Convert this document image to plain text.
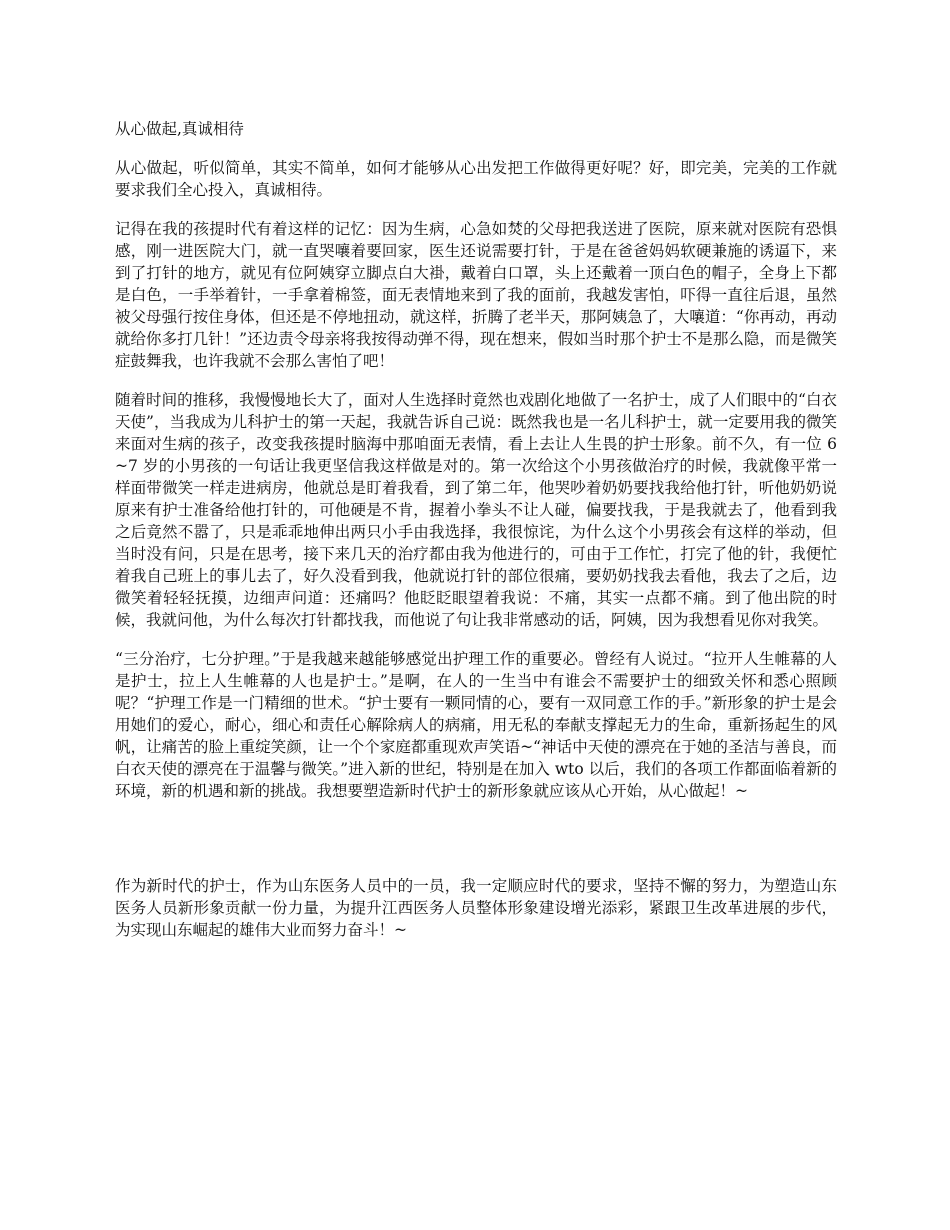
从心做起,真诚相待

从心做起，听似简单，其实不简单，如何才能够从心出发把工作做得更好呢？好，即完美，完美的工作就要求我们全心投入，真诚相待。

记得在我的孩提时代有着这样的记忆：因为生病，心急如焚的父母把我送进了医院，原来就对医院有恐惧感，刚一进医院大门，就一直哭嚷着要回家，医生还说需要打针，于是在爸爸妈妈软硬兼施的诱逼下，来到了打针的地方，就见有位阿姨穿立脚点白大褂，戴着白口罩，头上还戴着一顶白色的帽子，全身上下都是白色，一手举着针，一手拿着棉签，面无表情地来到了我的面前，我越发害怕，吓得一直往后退，虽然被父母强行按住身体，但还是不停地扭动，就这样，折腾了老半天，那阿姨急了，大嚷道：“你再动，再动就给你多打几针！”还边责令母亲将我按得动弹不得，现在想来，假如当时那个护士不是那么隐，而是微笑症鼓舞我，也许我就不会那么害怕了吧！

随着时间的推移，我慢慢地长大了，面对人生选择时竟然也戏剧化地做了一名护士，成了人们眼中的“白衣天使”，当我成为儿科护士的第一天起，我就告诉自己说：既然我也是一名儿科护士，就一定要用我的微笑来面对生病的孩子，改变我孩提时脑海中那咱面无表情，看上去让人生畏的护士形象。前不久，有一位 6~7 岁的小男孩的一句话让我更坚信我这样做是对的。第一次给这个小男孩做治疗的时候，我就像平常一样面带微笑一样走进病房，他就总是盯着我看，到了第二年，他哭吵着奶奶要找我给他打针，听他奶奶说原来有护士准备给他打针的，可他硬是不肯，握着小拳头不让人碰，偏要找我，于是我就去了，他看到我之后竟然不嚣了，只是乖乖地伸出两只小手由我选择，我很惊诧，为什么这个小男孩会有这样的举动，但当时没有问，只是在思考，接下来几天的治疗都由我为他进行的，可由于工作忙，打完了他的针，我便忙着我自己班上的事儿去了，好久没看到我，他就说打针的部位很痛，要奶奶找我去看他，我去了之后，边微笑着轻轻抚摸，边细声问道：还痛吗？他眨眨眼望着我说：不痛，其实一点都不痛。到了他出院的时候，我就问他，为什么每次打针都找我，而他说了句让我非常感动的话，阿姨，因为我想看见你对我笑。

“三分治疗，七分护理。”于是我越来越能够感觉出护理工作的重要必。曾经有人说过。“拉开人生帷幕的人是护士，拉上人生帷幕的人也是护士。”是啊，在人的一生当中有谁会不需要护士的细致关怀和悉心照顾呢？“护理工作是一门精细的世术。“护士要有一颗同情的心，要有一双同意工作的手。”新形象的护士是会用她们的爱心，耐心，细心和责任心解除病人的病痛，用无私的奉献支撑起无力的生命，重新扬起生的风帆，让痛苦的脸上重绽笑颜，让一个个家庭都重现欢声笑语~“神话中天使的漂亮在于她的圣洁与善良，而白衣天使的漂亮在于温馨与微笑。”进入新的世纪，特别是在加入 wto 以后，我们的各项工作都面临着新的环境，新的机遇和新的挑战。我想要塑造新时代护士的新形象就应该从心开始，从心做起！~

作为新时代的护士，作为山东医务人员中的一员，我一定顺应时代的要求，坚持不懈的努力，为塑造山东医务人员新形象贡献一份力量，为提升江西医务人员整体形象建设增光添彩，紧跟卫生改革进展的步代，为实现山东崛起的雄伟大业而努力奋斗！~
